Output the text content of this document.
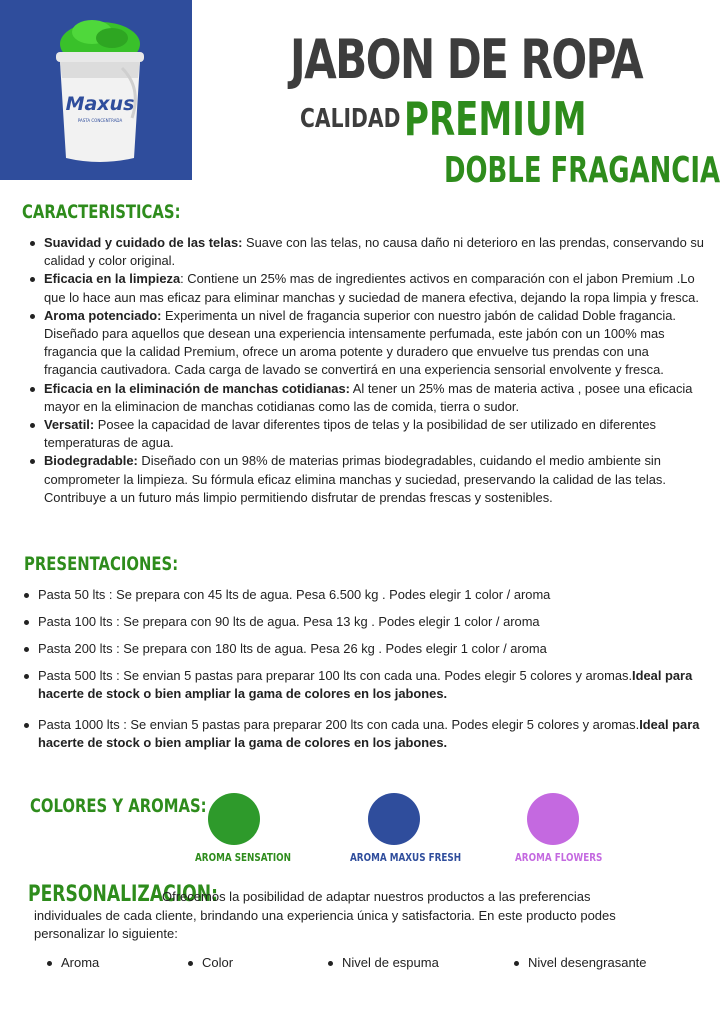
Maxus
PASTA CONCENTRADA
JABON DE ROPA
CALIDAD PREMIUM
DOBLE FRAGANCIA
CARACTERISTICAS:
Suavidad y cuidado de las telas: Suave con las telas, no causa daño ni deterioro en las prendas, conservando su calidad y color original.
Eficacia en la limpieza: Contiene un 25% mas de ingredientes activos en comparación con el jabon Premium .Lo que lo hace aun mas eficaz para eliminar manchas y suciedad de manera efectiva, dejando la ropa limpia y fresca.
Aroma potenciado: Experimenta un nivel de fragancia superior con nuestro jabón de calidad Doble fragancia. Diseñado para aquellos que desean una experiencia intensamente perfumada, este jabón con un 100% mas fragancia que la calidad Premium, ofrece un aroma potente y duradero que envuelve tus prendas con una fragancia cautivadora. Cada carga de lavado se convertirá en una experiencia sensorial envolvente y fresca.
Eficacia en la eliminación de manchas cotidianas: Al tener un 25% mas de materia activa , posee una eficacia mayor en la eliminacion de manchas cotidianas como las de comida, tierra o sudor.
Versatil: Posee la capacidad de lavar diferentes tipos de telas y la posibilidad de ser utilizado en diferentes temperaturas de agua.
Biodegradable: Diseñado con un 98% de materias primas biodegradables, cuidando el medio ambiente sin comprometer la limpieza. Su fórmula eficaz elimina manchas y suciedad, preservando la calidad de las telas. Contribuye a un futuro más limpio permitiendo disfrutar de prendas frescas y sostenibles.
PRESENTACIONES:
Pasta 50 lts : Se prepara con 45 lts de agua. Pesa 6.500 kg . Podes elegir 1 color / aroma
Pasta 100 lts : Se prepara con 90 lts de agua. Pesa 13 kg . Podes elegir 1 color / aroma
Pasta 200 lts : Se prepara con 180 lts de agua. Pesa 26 kg . Podes elegir 1 color / aroma
Pasta 500 lts : Se envian 5 pastas para preparar 100 lts con cada una. Podes elegir 5 colores y aromas.Ideal para hacerte de stock o bien ampliar la gama de colores en los jabones.
Pasta 1000 lts : Se envian 5 pastas para preparar 200 lts con cada una. Podes elegir 5 colores y aromas.Ideal para hacerte de stock o bien ampliar la gama de colores en los jabones.
COLORES Y AROMAS:
AROMA SENSATION	AROMA MAXUS FRESH	AROMA FLOWERS
PERSONALIZACION:
Ofrecemos la posibilidad de adaptar nuestros productos a las preferencias
individuales de cada cliente, brindando una experiencia única y satisfactoria. En este producto podes personalizar lo siguiente:
Aroma	Color	Nivel de espuma	Nivel desengrasante
